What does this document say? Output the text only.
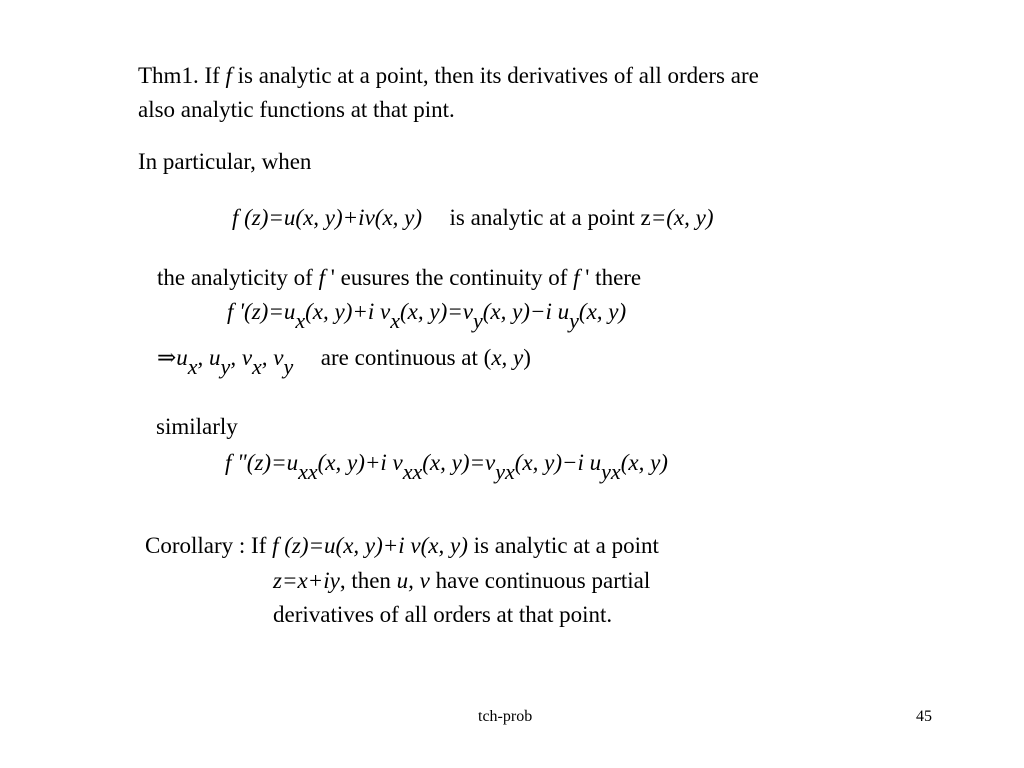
Thm1. If f is analytic at a point, then its derivatives of all orders are
also analytic functions at that pint.
In particular, when
f (z)=u(x, y)+iv(x, y) is analytic at a point z=(x, y)
the analyticity of f ' eusures the continuity of f ' there
f '(z)=ux(x, y)+i vx(x, y)=vy(x, y)−i uy(x, y)
⇒ux, uy, vx, vy are continuous at (x, y)
similarly
f "(z)=uxx(x, y)+i vxx(x, y)=vyx(x, y)−i uyx(x, y)
Corollary : If f (z)=u(x, y)+i v(x, y) is analytic at a point
z=x+iy, then u, v have continuous partial
derivatives of all orders at that point.
tch-prob	45
